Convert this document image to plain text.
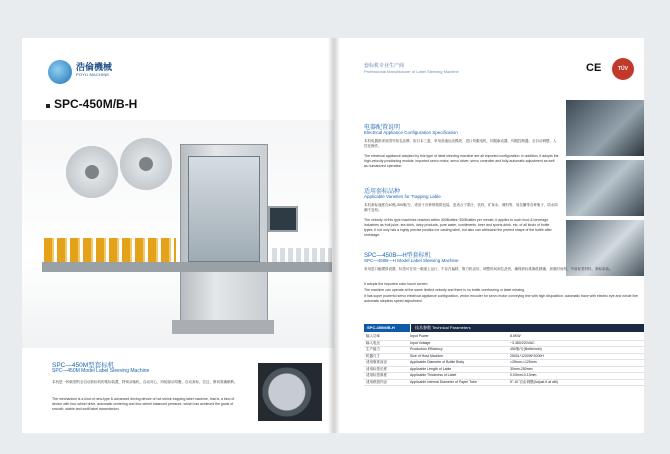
浩倫機械
POYU MACHINE
SPC-450M/B-H
SPC—450M型套标机
SPC—450M Model Label Sleeving Machine
本机是一种新型的全自动套标机的柔标装置，特别双轴机，自动对心，四轮驱动均衡，自动套标，拉边，断切准确顺利。
The mechanism is a kind of new-type & advanced driving device of hot shrink trapping label machine, that is, a kind of device with four-wheel drive, automatic centering and four-wheel balanced pressure, which has achieved the goals of smooth, stable and swift label transmission.
套标机专业生产商
Professional Manufacturer of Label Sleeving Machine	CE	TÜV CERT
电器配置说明
Electrical Appliance Configuration Specification
本机电器都采用国外知名品牌，如日本三菱，采用高速运动模块，进口伺服电机，伺服驱动器，伺服控制器，全自动调整，人性化操作。
The electrical appliance adopted by this type of label sleeving machine are all imported configuration. In addition, it adopts the high-velocity positioning module, imported servo motor, servo driver, servo controller and fully-automatic adjustment as well as humanized operation.
适用套标品种
Applicable Varieties for Trapping Lable
本机套标速度在40瓶-300瓶/分，适用于各种规格的包装，更适合于果汁，饮料，矿泉水，调料等，易拉罐等各种瓶子，防水防潮不变形。
The velocity of this type machines reaches within 400Bottles~300Bottles per minute; it applies to such food & beverage industries as fruit juice, tea drink, dairy products, pure water, condiments, beer and sports drink, etc, of all kinds of bottle types. It not only has a highly precise position for casting label, but also can withstand the perfect shape of the bottle after shrinkage.
SPC—450B—H型套标机
SPC—450B—H Model Label Sleeving Machine
采用进口触摸屏设置，标签可在同一频道上运行，不存在偏移，断刀机动好，调整时间到位及快，确保套标准确性精确，套瓶时间短，节省标签材料，套标率高。
It adopts the imported color touch screen.
The machine can operate at the same limited velocity and there is no bottle overturning or label missing.
It has super powerful servo electrical appliance configuration, vector encoder for servo motor conveying line with high disposition; automatic trace with electric eye and whole line automatic stepless speed adjustment.
SPC-450M/B-H	技术参数 Technical Parameters
输入功率	Input Power	8.5KW
输入电压	Input Voltage	~3.380/220VAC
生产能力	Production Efficiency	450瓶/分(Bottle/min)
机器尺寸	Size of Host Machine	2500L*1200W*2000H
适用瓶体直径	Applicable Diameter of Bottle Body	<28mm-<125mm
适用标签长度	Applicable Length of Lable	30mm-250mm
适用标签厚度	Applicable Thickness of Label	0.03mm-0.13mm
适用纸管内径	Applicable Internal Diameter of Paper Tube	5"-10"自由调整(Adjust it at will)
